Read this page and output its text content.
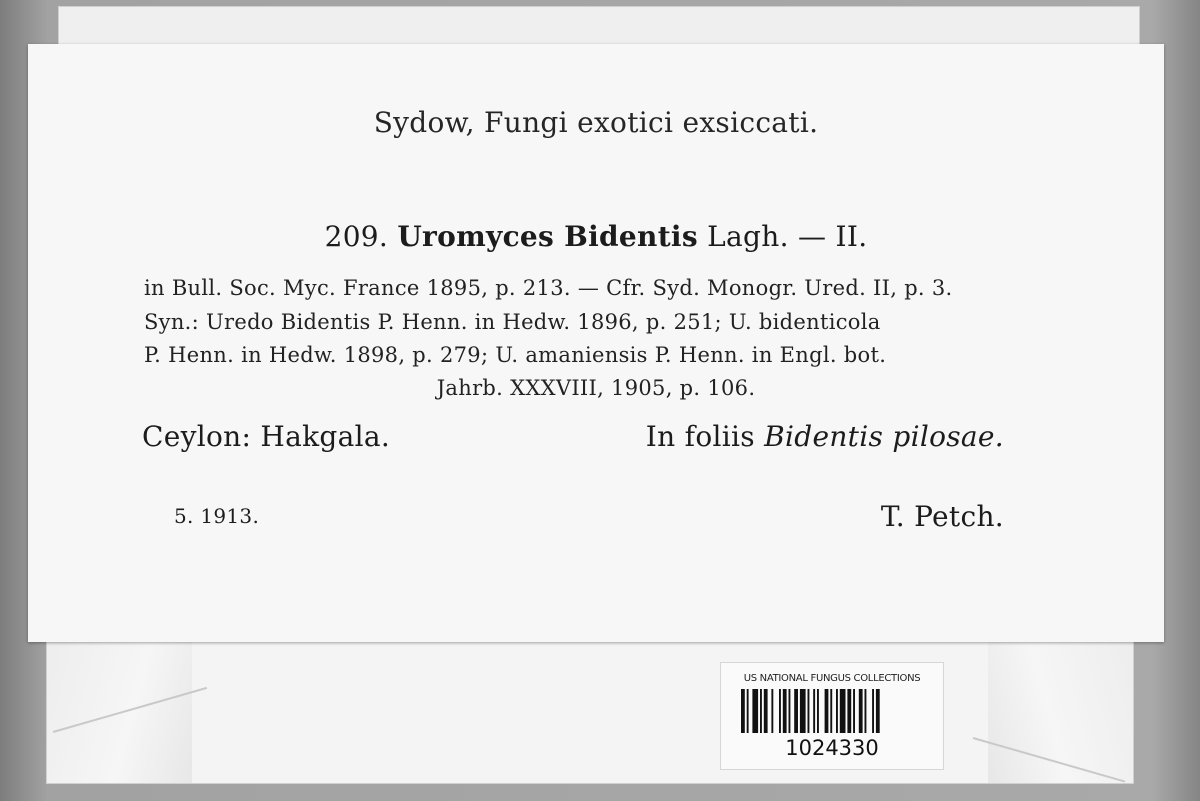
Sydow, Fungi exotici exsiccati.
209. Uromyces Bidentis Lagh. — II.
in Bull. Soc. Myc. France 1895, p. 213. — Cfr. Syd. Monogr. Ured. II, p. 3.
Syn.: Uredo Bidentis P. Henn. in Hedw. 1896, p. 251; U. bidenticola
P. Henn. in Hedw. 1898, p. 279; U. amaniensis P. Henn. in Engl. bot.
Jahrb. XXXVIII, 1905, p. 106.
Ceylon: Hakgala.	In foliis Bidentis pilosae.
5. 1913.	T. Petch.
US NATIONAL FUNGUS COLLECTIONS
1024330
